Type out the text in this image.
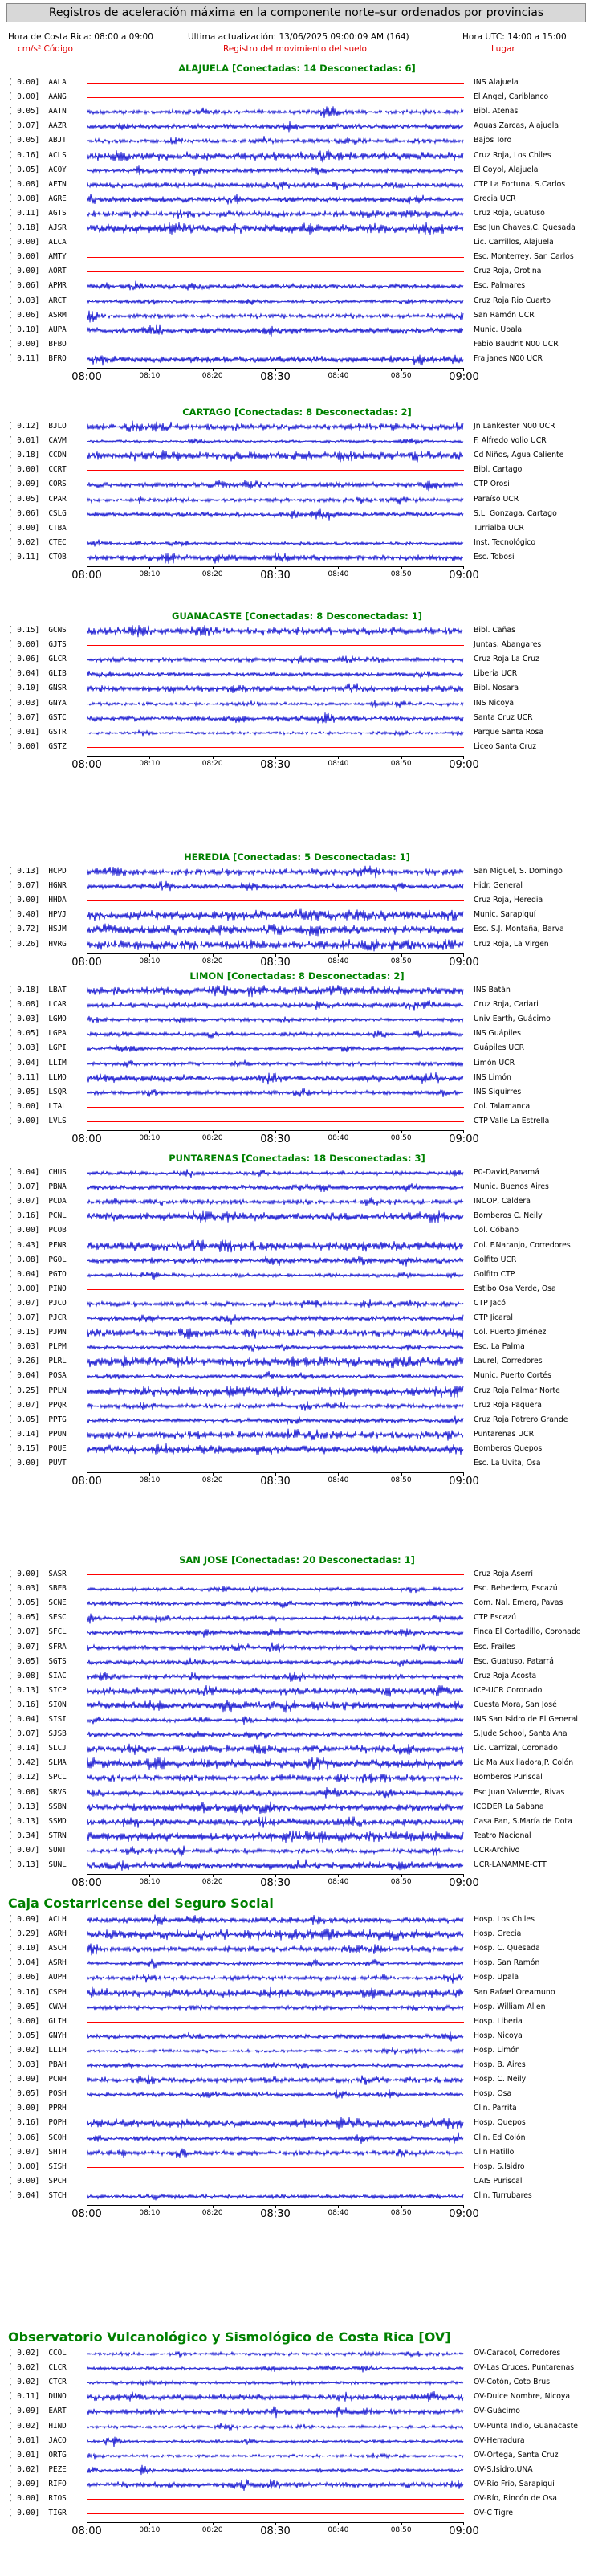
Registros de aceleración máxima en la componente norte–sur ordenados por provincias
Hora de Costa Rica: 08:00 a 09:00	Ultima actualización: 13/06/2025 09:00:09 AM (164)	Hora UTC: 14:00 a 15:00
cm/s² Código	Registro del movimiento del suelo	Lugar
ALAJUELA [Conectadas: 14 Desconectadas: 6]
[ 0.00]  AALA	INS Alajuela
[ 0.00]  AANG	El Angel, Cariblanco
[ 0.05]  AATN	Bibl. Atenas
[ 0.07]  AAZR	Aguas Zarcas, Alajuela
[ 0.05]  ABJT	Bajos Toro
[ 0.16]  ACLS	Cruz Roja, Los Chiles
[ 0.05]  ACOY	El Coyol, Alajuela
[ 0.08]  AFTN	CTP La Fortuna, S.Carlos
[ 0.08]  AGRE	Grecia UCR
[ 0.11]  AGTS	Cruz Roja, Guatuso
[ 0.18]  AJSR	Esc Jun Chaves,C. Quesada
[ 0.00]  ALCA	Lic. Carrillos, Alajuela
[ 0.00]  AMTY	Esc. Monterrey, San Carlos
[ 0.00]  AORT	Cruz Roja, Orotina
[ 0.06]  APMR	Esc. Palmares
[ 0.03]  ARCT	Cruz Roja Rio Cuarto
[ 0.06]  ASRM	San Ramón UCR
[ 0.10]  AUPA	Munic. Upala
[ 0.00]  BFBO	Fabio Baudrit N00 UCR
[ 0.11]  BFRO	Fraijanes N00 UCR
08:00	08:10	08:20	08:30	08:40	08:50	09:00
CARTAGO [Conectadas: 8 Desconectadas: 2]
[ 0.12]  BJLO	Jn Lankester N00 UCR
[ 0.01]  CAVM	F. Alfredo Volio UCR
[ 0.18]  CCDN	Cd Niños, Agua Caliente
[ 0.00]  CCRT	Bibl. Cartago
[ 0.09]  CORS	CTP Orosi
[ 0.05]  CPAR	Paraíso UCR
[ 0.06]  CSLG	S.L. Gonzaga, Cartago
[ 0.00]  CTBA	Turrialba UCR
[ 0.02]  CTEC	Inst. Tecnológico
[ 0.11]  CTOB	Esc. Tobosi
08:00	08:10	08:20	08:30	08:40	08:50	09:00
GUANACASTE [Conectadas: 8 Desconectadas: 1]
[ 0.15]  GCNS	Bibl. Cañas
[ 0.00]  GJTS	Juntas, Abangares
[ 0.06]  GLCR	Cruz Roja La Cruz
[ 0.04]  GLIB	Liberia UCR
[ 0.10]  GNSR	Bibl. Nosara
[ 0.03]  GNYA	INS Nicoya
[ 0.07]  GSTC	Santa Cruz UCR
[ 0.01]  GSTR	Parque Santa Rosa
[ 0.00]  GSTZ	Liceo Santa Cruz
08:00	08:10	08:20	08:30	08:40	08:50	09:00
HEREDIA [Conectadas: 5 Desconectadas: 1]
[ 0.13]  HCPD	San Miguel, S. Domingo
[ 0.07]  HGNR	Hidr. General
[ 0.00]  HHDA	Cruz Roja, Heredia
[ 0.40]  HPVJ	Munic. Sarapiquí
[ 0.72]  HSJM	Esc. S.J. Montaña, Barva
[ 0.26]  HVRG	Cruz Roja, La Virgen
08:00	08:10	08:20	08:30	08:40	08:50	09:00
LIMON [Conectadas: 8 Desconectadas: 2]
[ 0.18]  LBAT	INS Batán
[ 0.08]  LCAR	Cruz Roja, Cariari
[ 0.03]  LGMO	Univ Earth, Guácimo
[ 0.05]  LGPA	INS Guápiles
[ 0.03]  LGPI	Guápiles UCR
[ 0.04]  LLIM	Limón UCR
[ 0.11]  LLMO	INS Limón
[ 0.05]  LSQR	INS Siquirres
[ 0.00]  LTAL	Col. Talamanca
[ 0.00]  LVLS	CTP Valle La Estrella
08:00	08:10	08:20	08:30	08:40	08:50	09:00
PUNTARENAS [Conectadas: 18 Desconectadas: 3]
[ 0.04]  CHUS	P0-David,Panamá
[ 0.07]  PBNA	Munic. Buenos Aires
[ 0.07]  PCDA	INCOP, Caldera
[ 0.16]  PCNL	Bomberos C. Neily
[ 0.00]  PCOB	Col. Cóbano
[ 0.43]  PFNR	Col. F.Naranjo, Corredores
[ 0.08]  PGOL	Golfito UCR
[ 0.04]  PGTO	Golfito CTP
[ 0.00]  PINO	Estibo Osa Verde, Osa
[ 0.07]  PJCO	CTP Jacó
[ 0.07]  PJCR	CTP Jicaral
[ 0.15]  PJMN	Col. Puerto Jiménez
[ 0.03]  PLPM	Esc. La Palma
[ 0.26]  PLRL	Laurel, Corredores
[ 0.04]  POSA	Munic. Puerto Cortés
[ 0.25]  PPLN	Cruz Roja Palmar Norte
[ 0.07]  PPQR	Cruz Roja Paquera
[ 0.05]  PPTG	Cruz Roja Potrero Grande
[ 0.14]  PPUN	Puntarenas UCR
[ 0.15]  PQUE	Bomberos Quepos
[ 0.00]  PUVT	Esc. La Uvita, Osa
08:00	08:10	08:20	08:30	08:40	08:50	09:00
SAN JOSE [Conectadas: 20 Desconectadas: 1]
[ 0.00]  SASR	Cruz Roja Aserrí
[ 0.03]  SBEB	Esc. Bebedero, Escazú
[ 0.05]  SCNE	Com. Nal. Emerg, Pavas
[ 0.05]  SESC	CTP Escazú
[ 0.07]  SFCL	Finca El Cortadillo, Coronado
[ 0.07]  SFRA	Esc. Frailes
[ 0.05]  SGTS	Esc. Guatuso, Patarrá
[ 0.08]  SIAC	Cruz Roja Acosta
[ 0.13]  SICP	ICP-UCR Coronado
[ 0.16]  SION	Cuesta Mora, San José
[ 0.04]  SISI	INS San Isidro de El General
[ 0.07]  SJSB	S.Jude School, Santa Ana
[ 0.14]  SLCJ	Lic. Carrizal, Coronado
[ 0.42]  SLMA	Lic Ma Auxiliadora,P. Colón
[ 0.12]  SPCL	Bomberos Puriscal
[ 0.08]  SRVS	Esc Juan Valverde, Rivas
[ 0.13]  SSBN	ICODER La Sabana
[ 0.13]  SSMD	Casa Pan, S.María de Dota
[ 0.34]  STRN	Teatro Nacional
[ 0.07]  SUNT	UCR-Archivo
[ 0.13]  SUNL	UCR-LANAMME-CTT
08:00	08:10	08:20	08:30	08:40	08:50	09:00
Caja Costarricense del Seguro Social
[ 0.09]  ACLH	Hosp. Los Chiles
[ 0.29]  AGRH	Hosp. Grecia
[ 0.10]  ASCH	Hosp. C. Quesada
[ 0.04]  ASRH	Hosp. San Ramón
[ 0.06]  AUPH	Hosp. Upala
[ 0.16]  CSPH	San Rafael Oreamuno
[ 0.05]  CWAH	Hosp. William Allen
[ 0.00]  GLIH	Hosp. Liberia
[ 0.05]  GNYH	Hosp. Nicoya
[ 0.02]  LLIH	Hosp. Limón
[ 0.03]  PBAH	Hosp. B. Aires
[ 0.09]  PCNH	Hosp. C. Neily
[ 0.05]  POSH	Hosp. Osa
[ 0.00]  PPRH	Clin. Parrita
[ 0.16]  PQPH	Hosp. Quepos
[ 0.06]  SCOH	Clin. Ed Colón
[ 0.07]  SHTH	Clin Hatillo
[ 0.00]  SISH	Hosp. S.Isidro
[ 0.00]  SPCH	CAIS Puriscal
[ 0.04]  STCH	Clin. Turrubares
08:00	08:10	08:20	08:30	08:40	08:50	09:00
Observatorio Vulcanológico y Sismológico de Costa Rica [OV]
[ 0.02]  CCOL	OV-Caracol, Corredores
[ 0.02]  CLCR	OV-Las Cruces, Puntarenas
[ 0.02]  CTCR	OV-Cotón, Coto Brus
[ 0.11]  DUNO	OV-Dulce Nombre, Nicoya
[ 0.09]  EART	OV-Guácimo
[ 0.02]  HIND	OV-Punta Indio, Guanacaste
[ 0.01]  JACO	OV-Herradura
[ 0.01]  ORTG	OV-Ortega, Santa Cruz
[ 0.02]  PEZE	OV-S.Isidro,UNA
[ 0.09]  RIFO	OV-Río Frío, Sarapiquí
[ 0.00]  RIOS	OV-Río, Rincón de Osa
[ 0.00]  TIGR	OV-C Tigre
08:00	08:10	08:20	08:30	08:40	08:50	09:00
